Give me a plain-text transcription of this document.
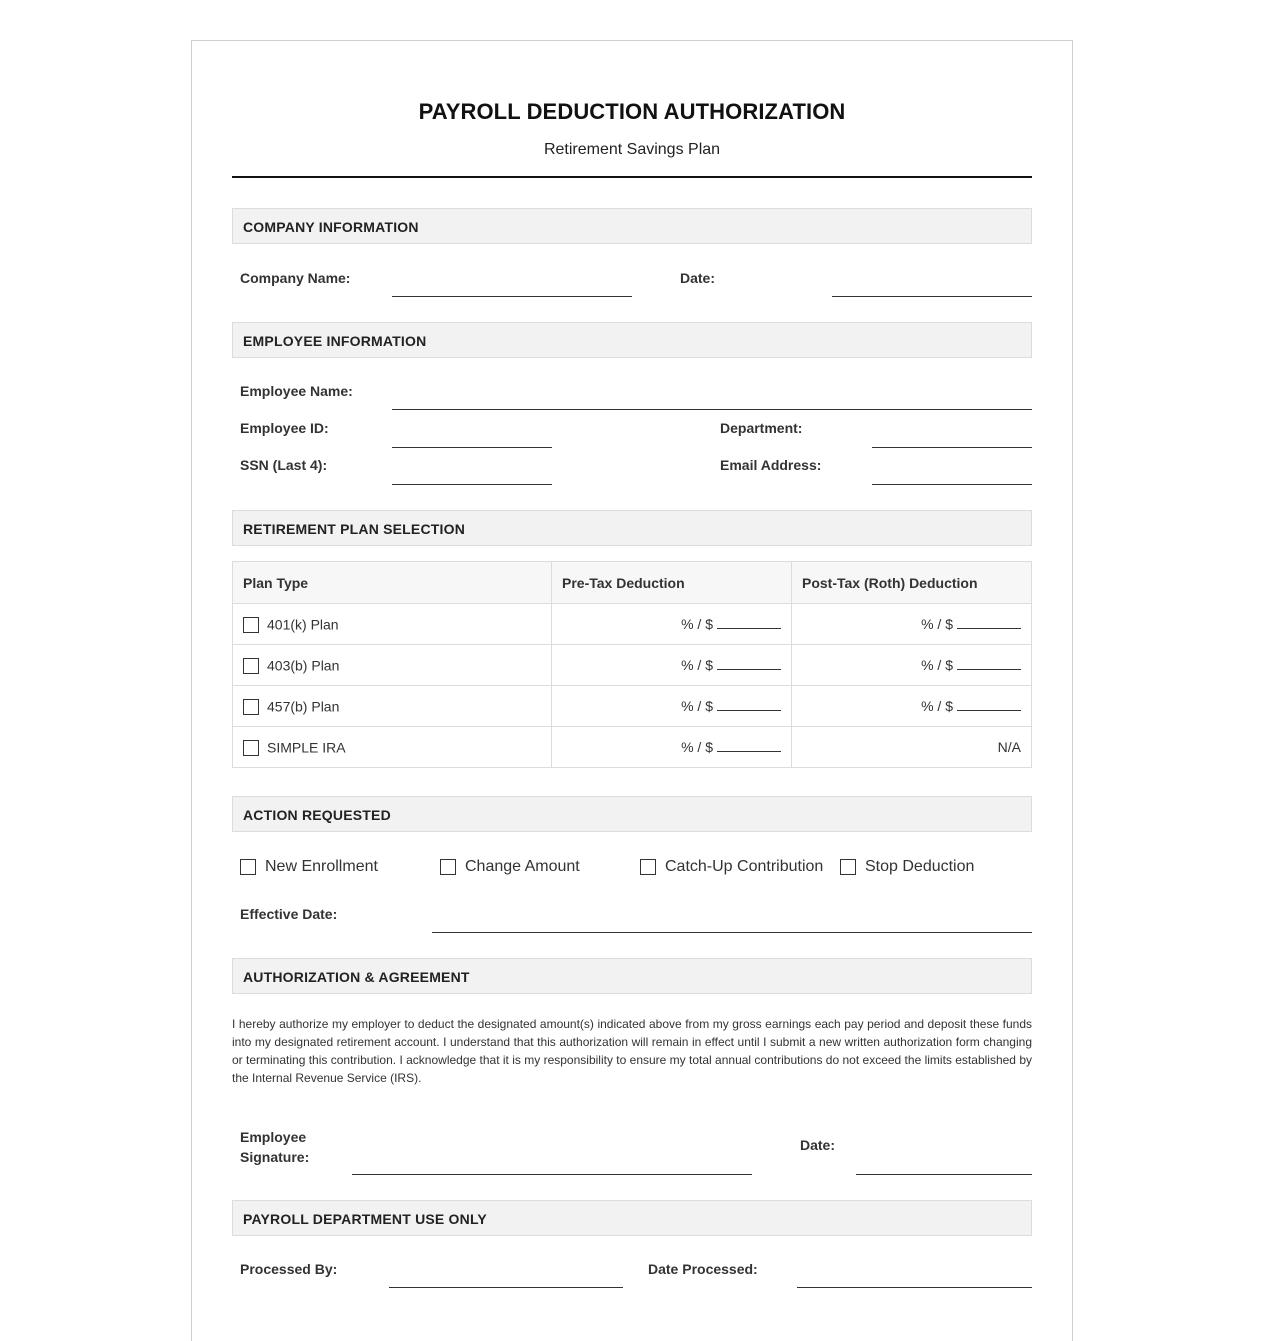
PAYROLL DEDUCTION AUTHORIZATION
Retirement Savings Plan
COMPANY INFORMATION
Company Name:	Date:
EMPLOYEE INFORMATION
Employee Name:
Employee ID:	Department:
SSN (Last 4):	Email Address:
RETIREMENT PLAN SELECTION
Plan Type	Pre-Tax Deduction	Post-Tax (Roth) Deduction
401(k) Plan	% / $	% / $
403(b) Plan	% / $	% / $
457(b) Plan	% / $	% / $
SIMPLE IRA	% / $	N/A
ACTION REQUESTED
New Enrollment	Change Amount	Catch-Up Contribution	Stop Deduction
Effective Date:
AUTHORIZATION & AGREEMENT
I hereby authorize my employer to deduct the designated amount(s) indicated above from my gross earnings each pay period and deposit these funds into my designated retirement account. I understand that this authorization will remain in effect until I submit a new written authorization form changing or terminating this contribution. I acknowledge that it is my responsibility to ensure my total annual contributions do not exceed the limits established by the Internal Revenue Service (IRS).
Employee
Signature:
Date:
PAYROLL DEPARTMENT USE ONLY
Processed By:	Date Processed:
